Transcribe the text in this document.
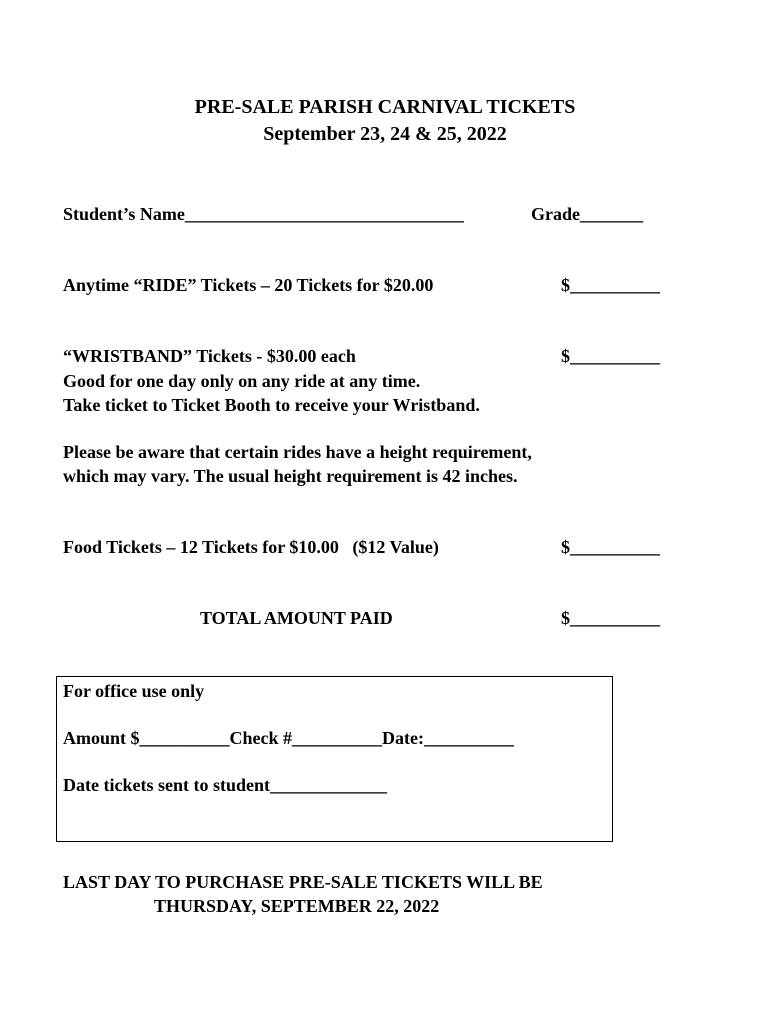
PRE-SALE PARISH CARNIVAL TICKETS
September 23, 24 & 25, 2022
Student’s Name_______________________________	Grade_______
Anytime “RIDE” Tickets – 20 Tickets for $20.00	$__________
“WRISTBAND” Tickets - $30.00 each	$__________
Good for one day only on any ride at any time.
Take ticket to Ticket Booth to receive your Wristband.
Please be aware that certain rides have a height requirement,
which may vary. The usual height requirement is 42 inches.
Food Tickets – 12 Tickets for $10.00   ($12 Value)	$__________
TOTAL AMOUNT PAID	$__________
For office use only
Amount $__________Check #__________Date:__________
Date tickets sent to student_____________
LAST DAY TO PURCHASE PRE-SALE TICKETS WILL BE
THURSDAY, SEPTEMBER 22, 2022
